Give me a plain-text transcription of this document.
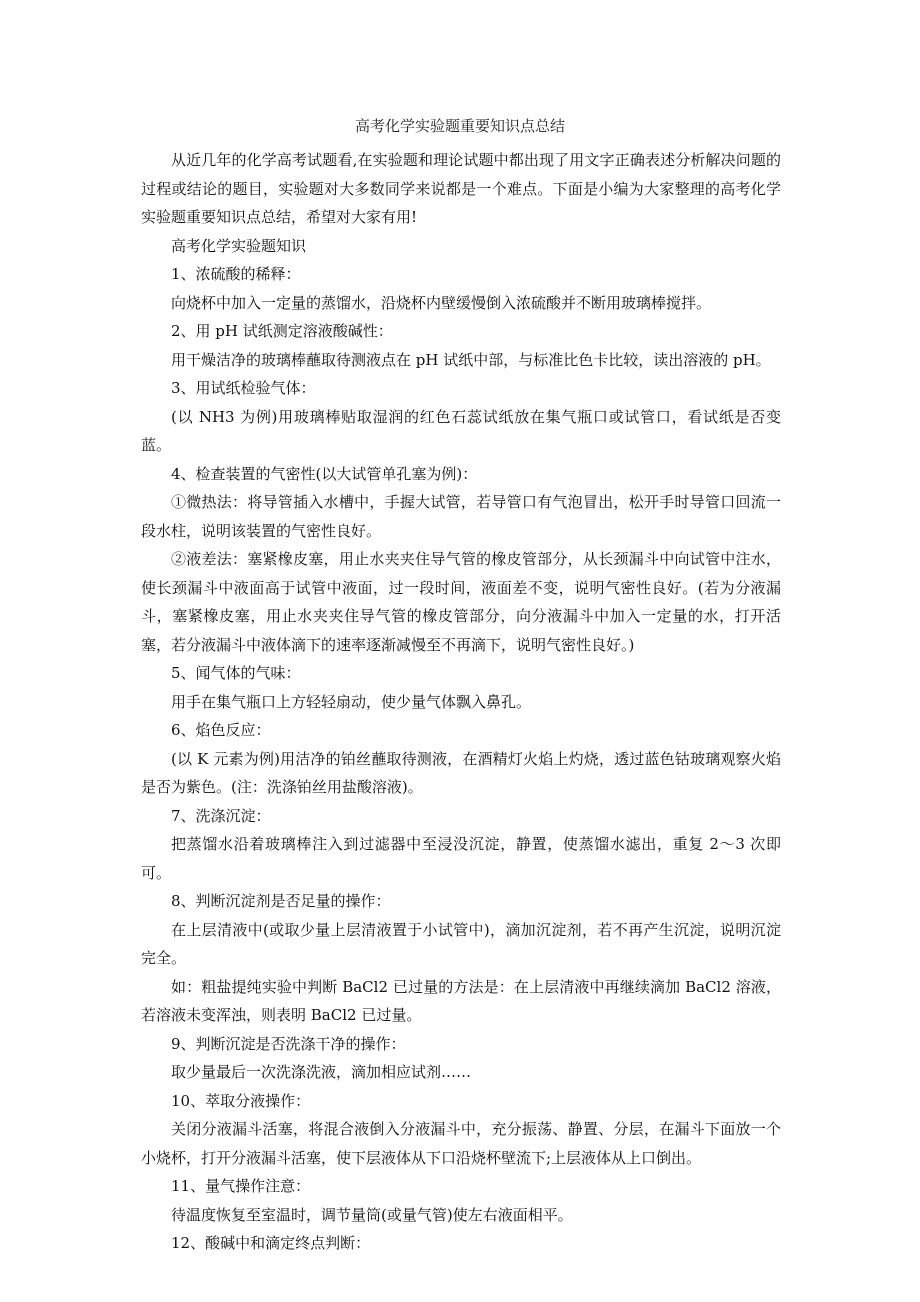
高考化学实验题重要知识点总结

从近几年的化学高考试题看,在实验题和理论试题中都出现了用文字正确表述分析解决问题的过程或结论的题目，实验题对大多数同学来说都是一个难点。下面是小编为大家整理的高考化学实验题重要知识点总结，希望对大家有用!

高考化学实验题知识

1、浓硫酸的稀释：

向烧杯中加入一定量的蒸馏水，沿烧杯内壁缓慢倒入浓硫酸并不断用玻璃棒搅拌。

2、用 pH 试纸测定溶液酸碱性：

用干燥洁净的玻璃棒蘸取待测液点在 pH 试纸中部，与标准比色卡比较，读出溶液的 pH。

3、用试纸检验气体：

(以 NH3 为例)用玻璃棒贴取湿润的红色石蕊试纸放在集气瓶口或试管口，看试纸是否变蓝。

4、检查装置的气密性(以大试管单孔塞为例)：

①微热法：将导管插入水槽中，手握大试管，若导管口有气泡冒出，松开手时导管口回流一段水柱，说明该装置的气密性良好。

②液差法：塞紧橡皮塞，用止水夹夹住导气管的橡皮管部分，从长颈漏斗中向试管中注水，使长颈漏斗中液面高于试管中液面，过一段时间，液面差不变，说明气密性良好。(若为分液漏斗，塞紧橡皮塞，用止水夹夹住导气管的橡皮管部分，向分液漏斗中加入一定量的水，打开活塞，若分液漏斗中液体滴下的速率逐渐减慢至不再滴下，说明气密性良好。)

5、闻气体的气味：

用手在集气瓶口上方轻轻扇动，使少量气体飘入鼻孔。

6、焰色反应：

(以 K 元素为例)用洁净的铂丝蘸取待测液，在酒精灯火焰上灼烧，透过蓝色钴玻璃观察火焰是否为紫色。(注：洗涤铂丝用盐酸溶液)。

7、洗涤沉淀：

把蒸馏水沿着玻璃棒注入到过滤器中至浸没沉淀，静置，使蒸馏水滤出，重复 2～3 次即可。

8、判断沉淀剂是否足量的操作：

在上层清液中(或取少量上层清液置于小试管中)，滴加沉淀剂，若不再产生沉淀，说明沉淀完全。

如：粗盐提纯实验中判断 BaCl2 已过量的方法是：在上层清液中再继续滴加 BaCl2 溶液，若溶液未变浑浊，则表明 BaCl2 已过量。

9、判断沉淀是否洗涤干净的操作：

取少量最后一次洗涤洗液，滴加相应试剂……

10、萃取分液操作：

关闭分液漏斗活塞，将混合液倒入分液漏斗中，充分振荡、静置、分层，在漏斗下面放一个小烧杯，打开分液漏斗活塞，使下层液体从下口沿烧杯壁流下;上层液体从上口倒出。

11、量气操作注意：

待温度恢复至室温时，调节量筒(或量气管)使左右液面相平。

12、酸碱中和滴定终点判断：
